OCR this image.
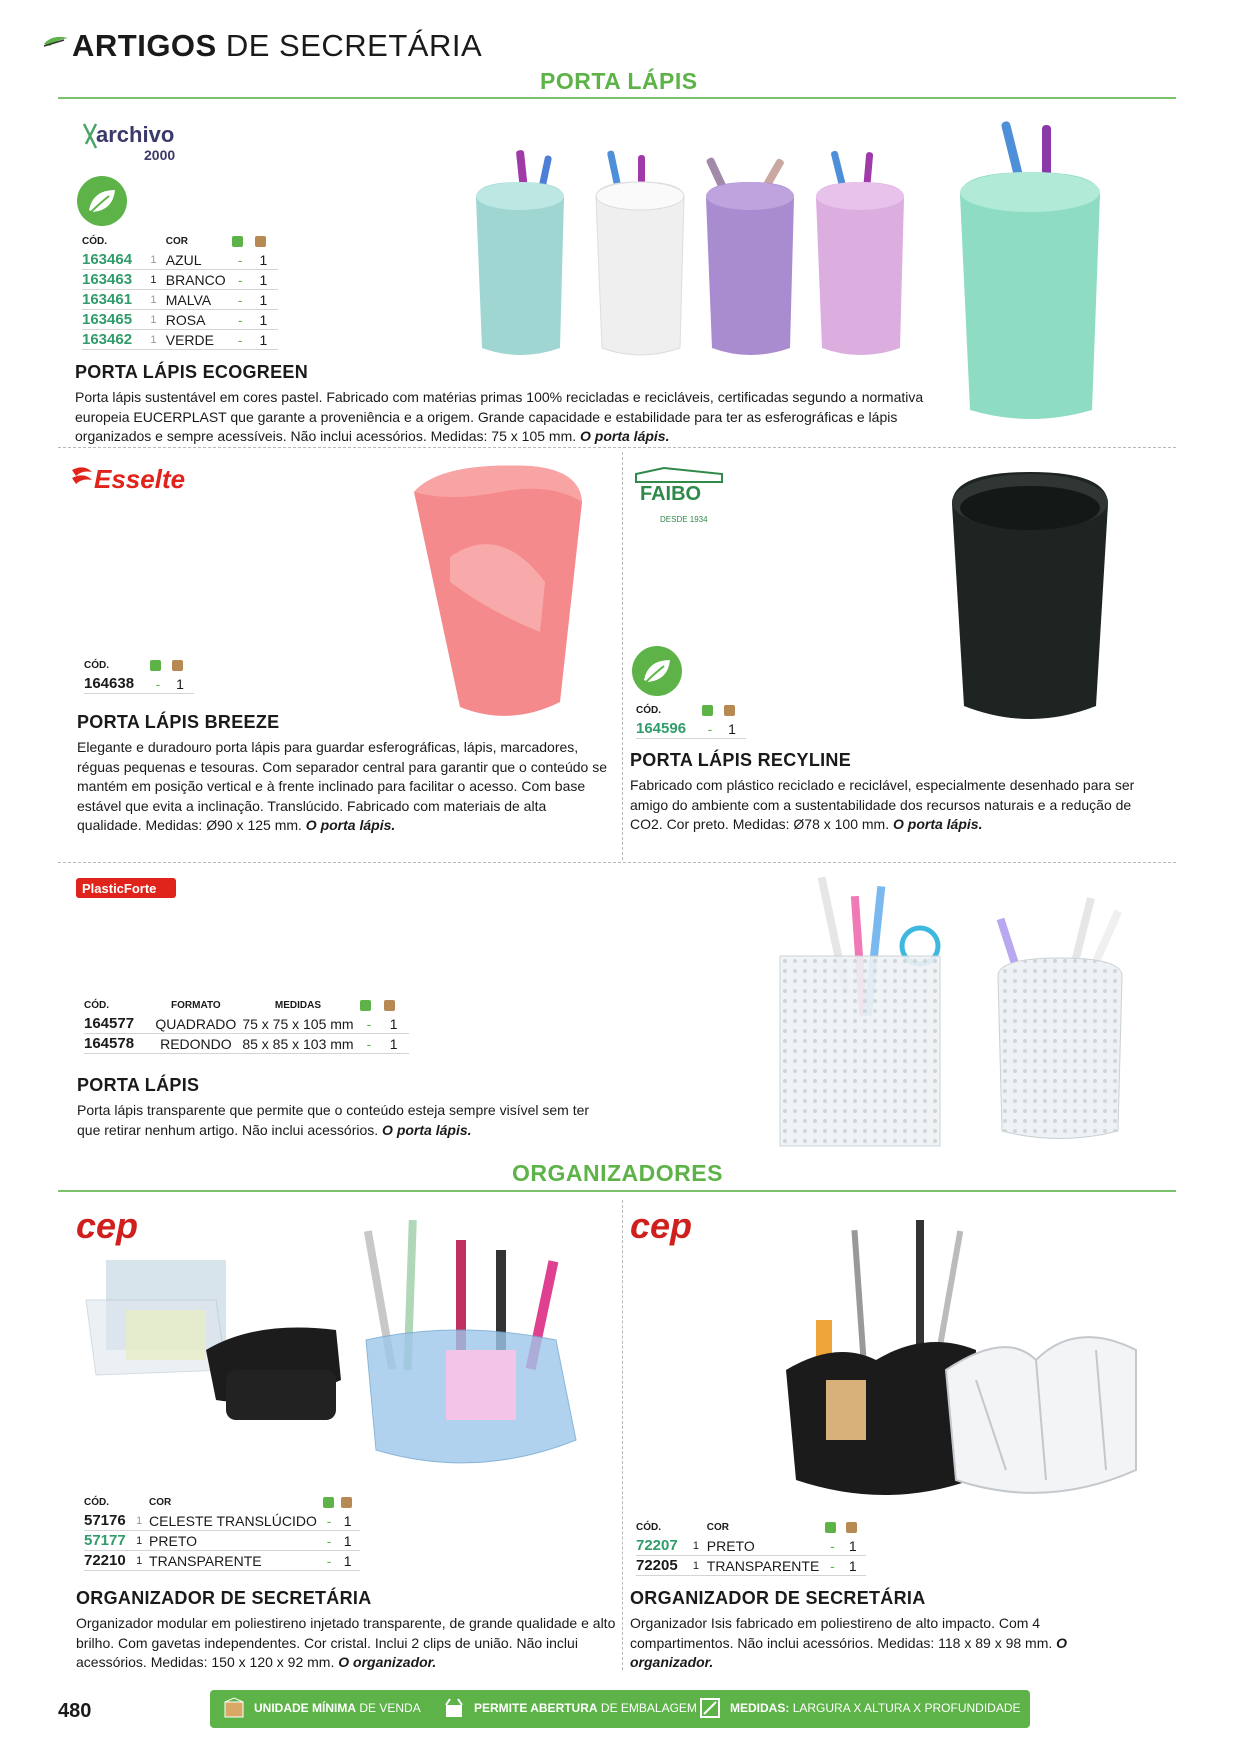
ARTIGOS DE SECRETÁRIA
PORTA LÁPIS
archivo
2000
CÓD.		COR		
163464	1	AZUL	-	1
163463	1	BRANCO	-	1
163461	1	MALVA	-	1
163465	1	ROSA	-	1
163462	1	VERDE	-	1
PORTA LÁPIS ECOGREEN
Porta lápis sustentável em cores pastel. Fabricado com matérias primas 100% recicladas e recicláveis, certificadas segundo a normativa europeia EUCERPLAST que garante a proveniência e a origem. Grande capacidade e estabilidade para ter as esferográficas e lápis organizados e sempre acessíveis. Não inclui acessórios. Medidas: 75 x 105 mm. O porta lápis.
Esselte
CÓD.		
164638	-	1
PORTA LÁPIS BREEZE
Elegante e duradouro porta lápis para guardar esferográficas, lápis, marcadores, réguas pequenas e tesouras. Com separador central para garantir que o conteúdo se mantém em posição vertical e à frente inclinado para facilitar o acesso. Com base estável que evita a inclinação. Translúcido. Fabricado com materiais de alta qualidade. Medidas: Ø90 x 125 mm. O porta lápis.
FAIBO
DESDE 1934
CÓD.		
164596	-	1
PORTA LÁPIS RECYLINE
Fabricado com plástico reciclado e reciclável, especialmente desenhado para ser amigo do ambiente com a sustentabilidade dos recursos naturais e a redução de CO2. Cor preto. Medidas: Ø78 x 100 mm. O porta lápis.
PlasticForte
CÓD.	FORMATO	MEDIDAS		
164577	QUADRADO	75 x 75 x 105 mm	-	1
164578	REDONDO	85 x 85 x 103 mm	-	1
PORTA LÁPIS
Porta lápis transparente que permite que o conteúdo esteja sempre visível sem ter que retirar nenhum artigo. Não inclui acessórios. O porta lápis.
ORGANIZADORES
cep
CÓD.		COR		
57176	1	CELESTE TRANSLÚCIDO	-	1
57177	1	PRETO	-	1
72210	1	TRANSPARENTE	-	1
ORGANIZADOR DE SECRETÁRIA
Organizador modular em poliestireno injetado transparente, de grande qualidade e alto brilho. Com gavetas independentes. Cor cristal. Inclui 2 clips de união. Não inclui acessórios. Medidas: 150 x 120 x 92 mm. O organizador.
cep
CÓD.		COR		
72207	1	PRETO	-	1
72205	1	TRANSPARENTE	-	1
ORGANIZADOR DE SECRETÁRIA
Organizador Isis fabricado em poliestireno de alto impacto. Com 4 compartimentos. Não inclui acessórios. Medidas: 118 x 89 x 98 mm. O organizador.
480	UNIDADE MÍNIMA DE VENDA	PERMITE ABERTURA DE EMBALAGEM	MEDIDAS: LARGURA X ALTURA X PROFUNDIDADE
